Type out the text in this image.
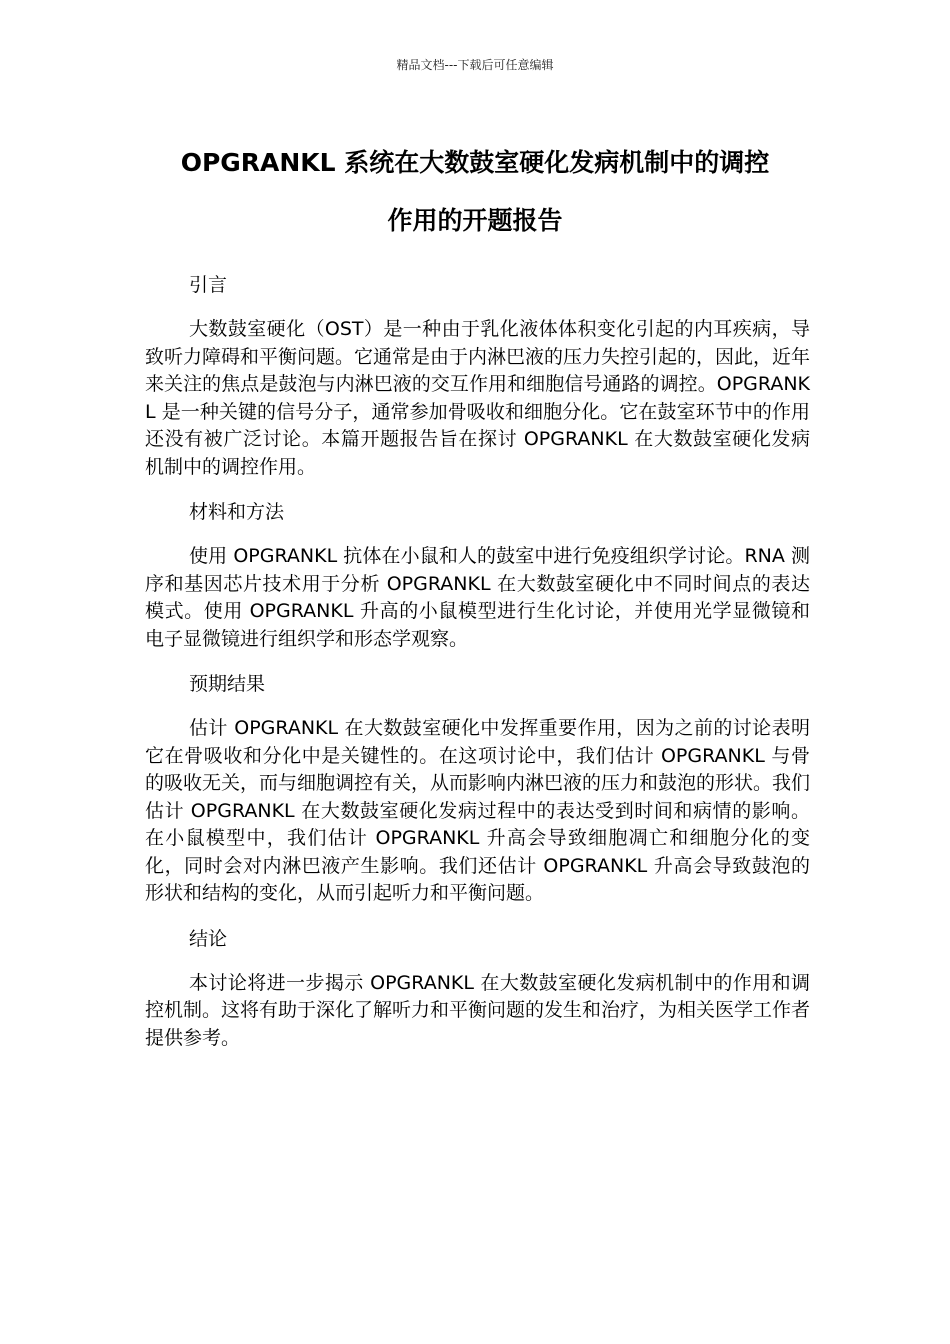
精品文档---下载后可任意编辑
OPGRANKL 系统在大数鼓室硬化发病机制中的调控
作用的开题报告
引言

大数鼓室硬化（OST）是一种由于乳化液体体积变化引起的内耳疾病，导致听力障碍和平衡问题。它通常是由于内淋巴液的压力失控引起的，因此，近年来关注的焦点是鼓泡与内淋巴液的交互作用和细胞信号通路的调控。OPGRANKL 是一种关键的信号分子，通常参加骨吸收和细胞分化。它在鼓室环节中的作用还没有被广泛讨论。本篇开题报告旨在探讨 OPGRANKL 在大数鼓室硬化发病机制中的调控作用。

材料和方法

使用 OPGRANKL 抗体在小鼠和人的鼓室中进行免疫组织学讨论。RNA 测序和基因芯片技术用于分析 OPGRANKL 在大数鼓室硬化中不同时间点的表达模式。使用 OPGRANKL 升高的小鼠模型进行生化讨论，并使用光学显微镜和电子显微镜进行组织学和形态学观察。

预期结果

估计 OPGRANKL 在大数鼓室硬化中发挥重要作用，因为之前的讨论表明它在骨吸收和分化中是关键性的。在这项讨论中，我们估计 OPGRANKL 与骨的吸收无关，而与细胞调控有关，从而影响内淋巴液的压力和鼓泡的形状。我们估计 OPGRANKL 在大数鼓室硬化发病过程中的表达受到时间和病情的影响。在小鼠模型中，我们估计 OPGRANKL 升高会导致细胞凋亡和细胞分化的变化，同时会对内淋巴液产生影响。我们还估计 OPGRANKL 升高会导致鼓泡的形状和结构的变化，从而引起听力和平衡问题。

结论

本讨论将进一步揭示 OPGRANKL 在大数鼓室硬化发病机制中的作用和调控机制。这将有助于深化了解听力和平衡问题的发生和治疗，为相关医学工作者提供参考。
